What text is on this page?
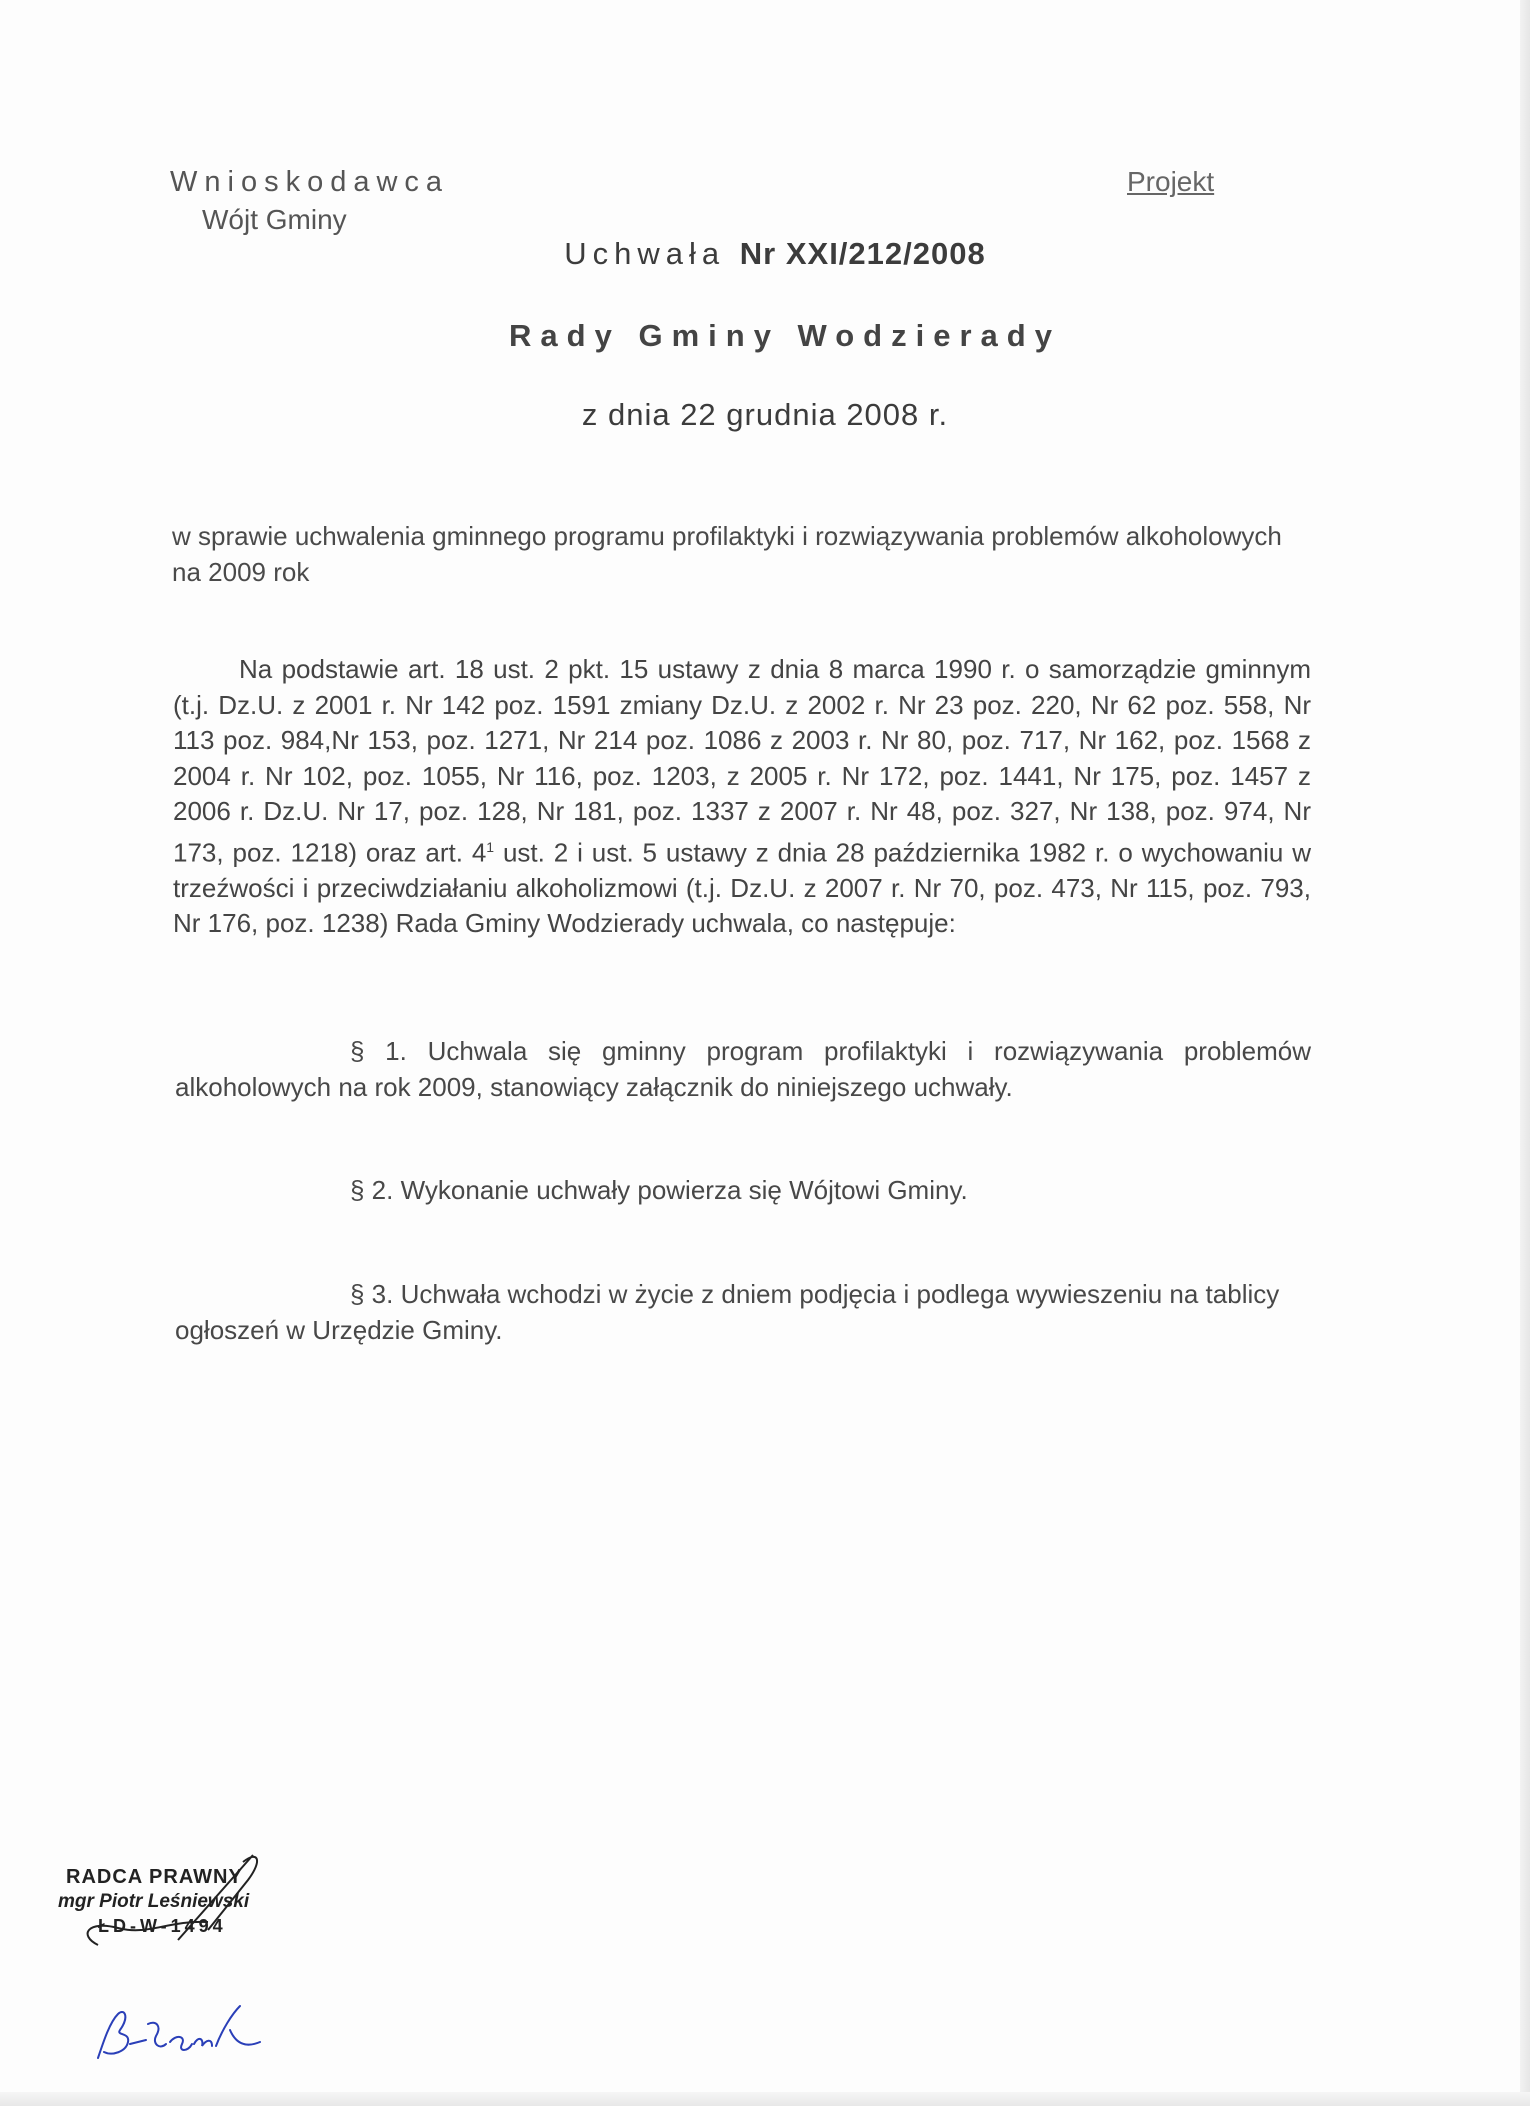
Wnioskodawca
Wójt Gminy
Projekt
Uchwała Nr XXI/212/2008
Rady Gminy Wodzierady
z dnia 22 grudnia 2008 r.
w sprawie uchwalenia gminnego programu profilaktyki i rozwiązywania problemów alkoholowych na 2009 rok
Na podstawie art. 18 ust. 2 pkt. 15 ustawy z dnia 8 marca 1990 r. o samorządzie gminnym (t.j. Dz.U. z 2001 r. Nr 142 poz. 1591 zmiany Dz.U. z 2002 r. Nr 23 poz. 220, Nr 62 poz. 558, Nr 113 poz. 984,Nr 153, poz. 1271, Nr 214 poz. 1086 z 2003 r. Nr 80, poz. 717, Nr 162, poz. 1568 z 2004 r. Nr 102, poz. 1055, Nr 116, poz. 1203, z 2005 r. Nr 172, poz. 1441, Nr 175, poz. 1457 z 2006 r. Dz.U. Nr 17, poz. 128, Nr 181, poz. 1337 z 2007 r. Nr 48, poz. 327, Nr 138, poz. 974, Nr 173, poz. 1218) oraz art. $4^1$ ust. 2 i ust. 5 ustawy z dnia 28 października 1982 r. o wychowaniu w trzeźwości i przeciwdziałaniu alkoholizmowi (t.j. Dz.U. z 2007 r. Nr 70, poz. 473, Nr 115, poz. 793, Nr 176, poz. 1238) Rada Gminy Wodzierady uchwala, co następuje:
§ 1. Uchwala się gminny program profilaktyki i rozwiązywania problemów alkoholowych na rok 2009, stanowiący załącznik do niniejszego uchwały.
§ 2. Wykonanie uchwały powierza się Wójtowi Gminy.
§ 3. Uchwała wchodzi w życie z dniem podjęcia i podlega wywieszeniu na tablicy ogłoszeń w Urzędzie Gminy.
RADCA PRAWNY
mgr Piotr Leśniewski
ŁD-W-1494
